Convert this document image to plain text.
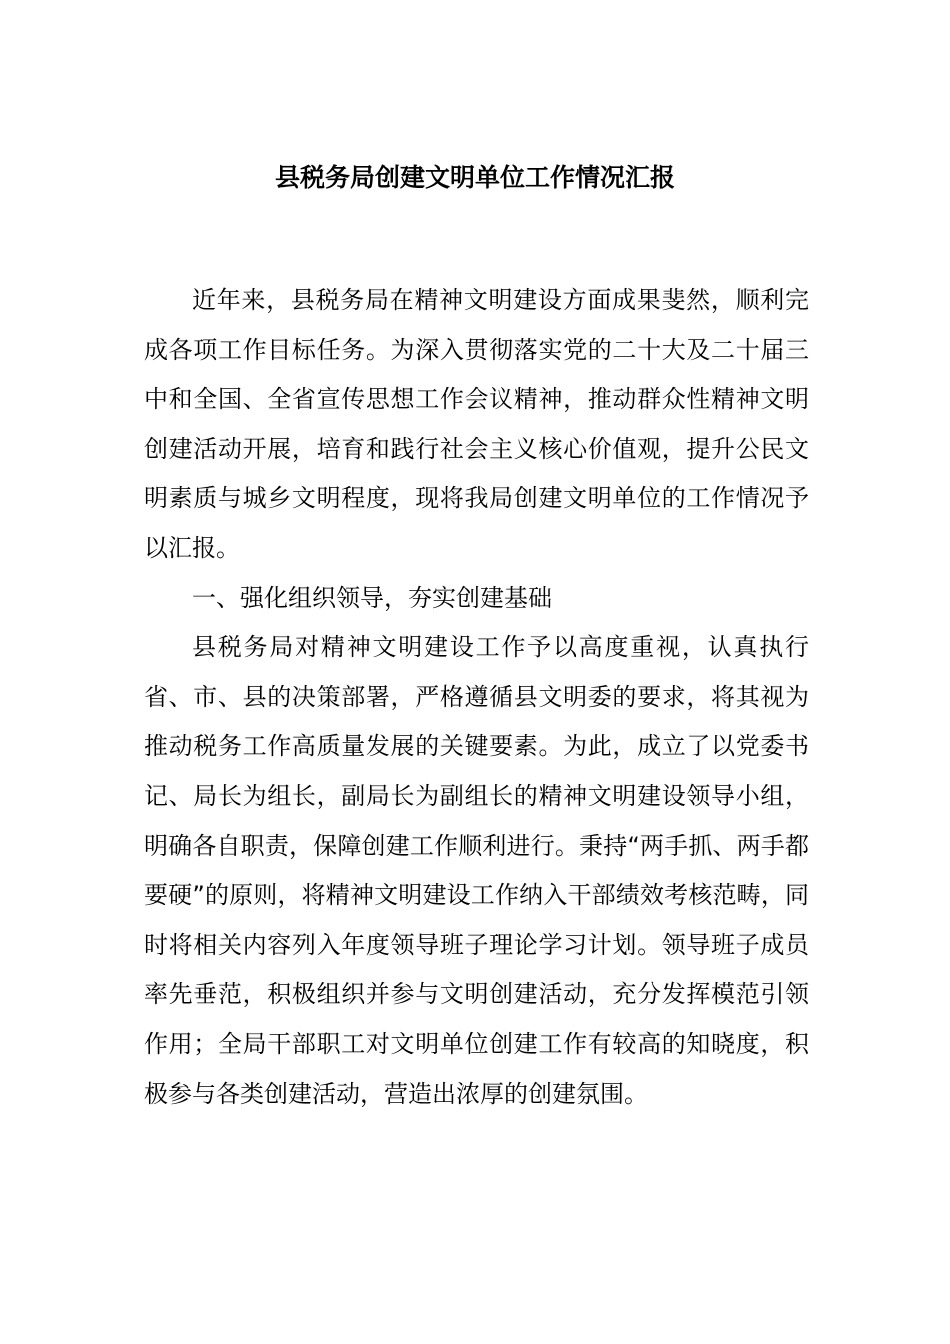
县税务局创建文明单位工作情况汇报

近年来，县税务局在精神文明建设方面成果斐然，顺利完成各项工作目标任务。为深入贯彻落实党的二十大及二十届三中和全国、全省宣传思想工作会议精神，推动群众性精神文明创建活动开展，培育和践行社会主义核心价值观，提升公民文明素质与城乡文明程度，现将我局创建文明单位的工作情况予以汇报。

一、强化组织领导，夯实创建基础

县税务局对精神文明建设工作予以高度重视，认真执行省、市、县的决策部署，严格遵循县文明委的要求，将其视为推动税务工作高质量发展的关键要素。为此，成立了以党委书记、局长为组长，副局长为副组长的精神文明建设领导小组，明确各自职责，保障创建工作顺利进行。秉持“两手抓、两手都要硬”的原则，将精神文明建设工作纳入干部绩效考核范畴，同时将相关内容列入年度领导班子理论学习计划。领导班子成员率先垂范，积极组织并参与文明创建活动，充分发挥模范引领作用；全局干部职工对文明单位创建工作有较高的知晓度，积极参与各类创建活动，营造出浓厚的创建氛围。
